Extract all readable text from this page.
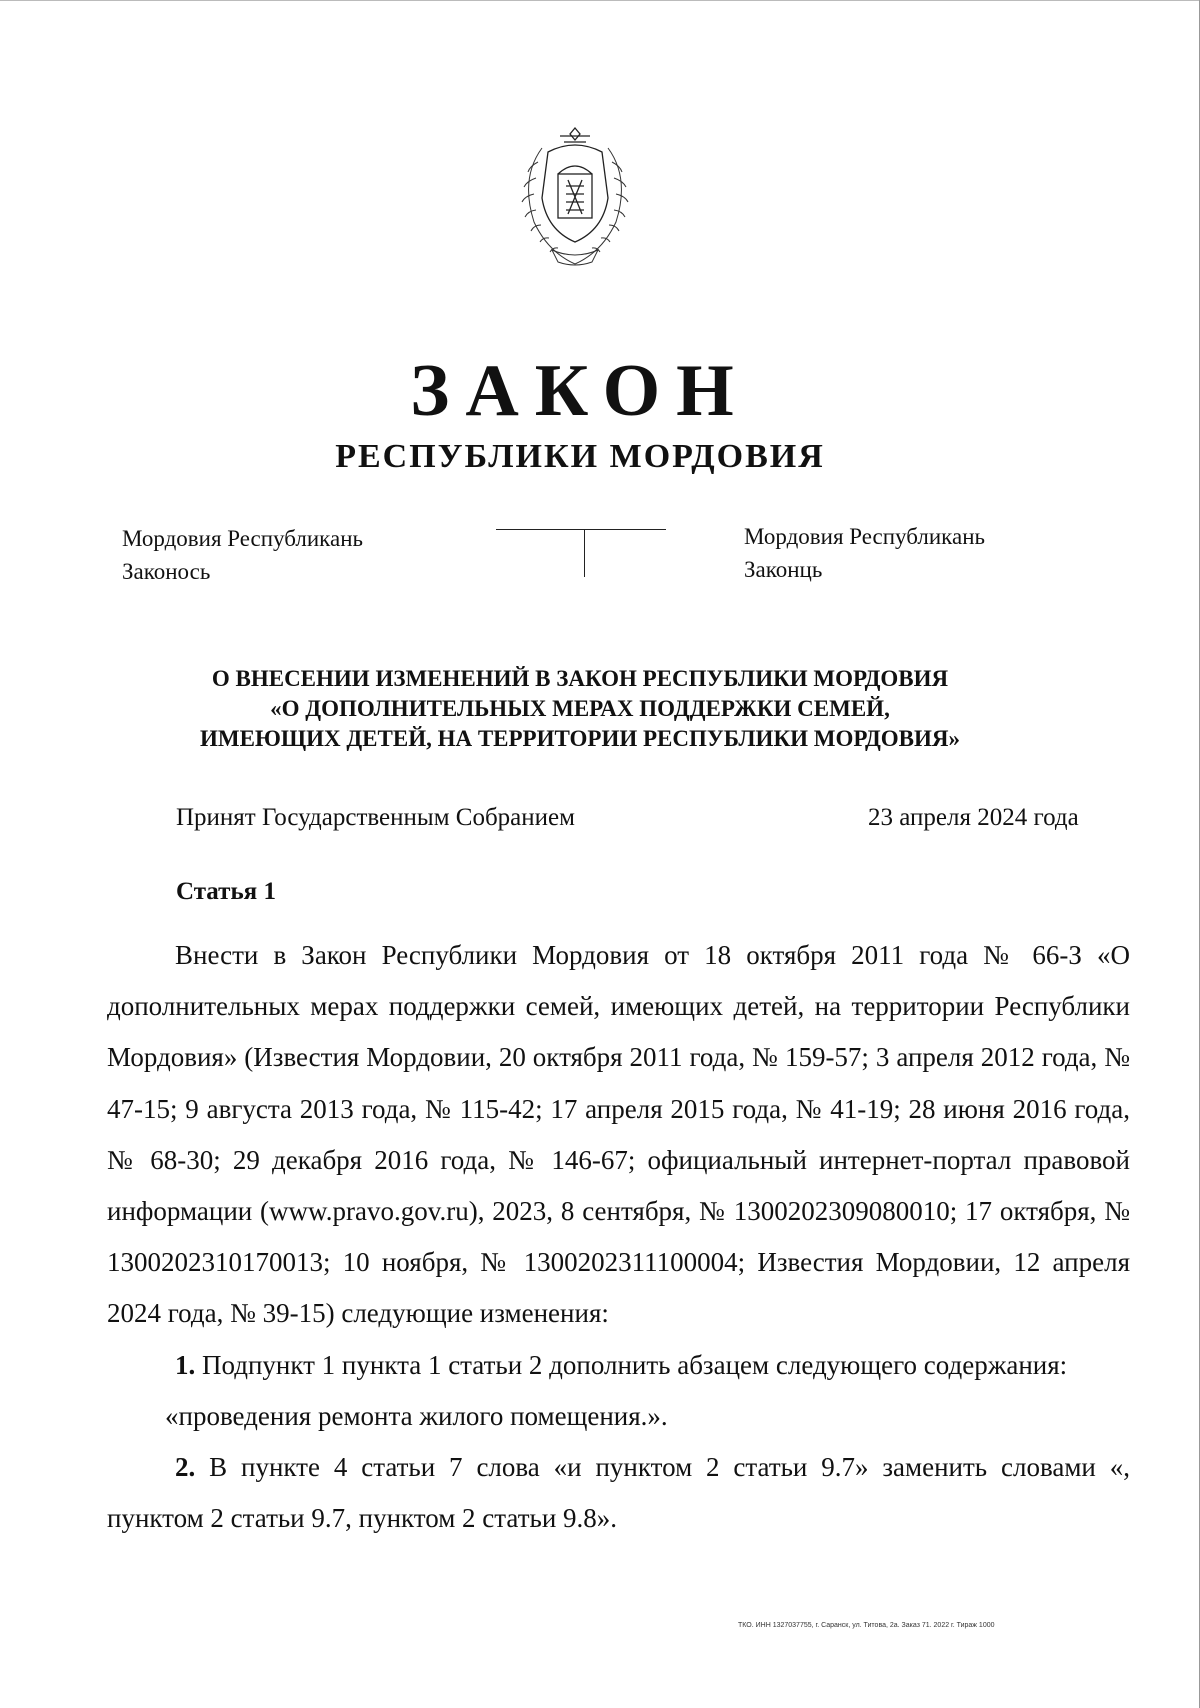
ЗАКОН
РЕСПУБЛИКИ МОРДОВИЯ
Мордовия Республикань
Законось
Мордовия Республикань
Законць
О ВНЕСЕНИИ ИЗМЕНЕНИЙ В ЗАКОН РЕСПУБЛИКИ МОРДОВИЯ
«О ДОПОЛНИТЕЛЬНЫХ МЕРАХ ПОДДЕРЖКИ СЕМЕЙ,
ИМЕЮЩИХ ДЕТЕЙ, НА ТЕРРИТОРИИ РЕСПУБЛИКИ МОРДОВИЯ»
Принят Государственным Собранием	23 апреля 2024 года
Статья 1

Внести в Закон Республики Мордовия от 18 октября 2011 года № 66-З «О дополнительных мерах поддержки семей, имеющих детей, на территории Республики Мордовия» (Известия Мордовии, 20 октября 2011 года, № 159-57; 3 апреля 2012 года, № 47-15; 9 августа 2013 года, № 115-42; 17 апреля 2015 года, № 41-19; 28 июня 2016 года, № 68-30; 29 декабря 2016 года, № 146-67; официальный интернет-портал правовой информации (www.pravo.gov.ru), 2023, 8 сентября, № 1300202309080010; 17 октября, № 1300202310170013; 10 ноября, № 1300202311100004; Известия Мордовии, 12 апреля 2024 года, № 39-15) следующие изменения:

1. Подпункт 1 пункта 1 статьи 2 дополнить абзацем следующего содержания:

«проведения ремонта жилого помещения.».

2. В пункте 4 статьи 7 слова «и пунктом 2 статьи 9.7» заменить словами «, пунктом 2 статьи 9.7, пунктом 2 статьи 9.8».

ТКО. ИНН 1327037755, г. Саранск, ул. Титова, 2а. Заказ 71. 2022 г. Тираж 1000
